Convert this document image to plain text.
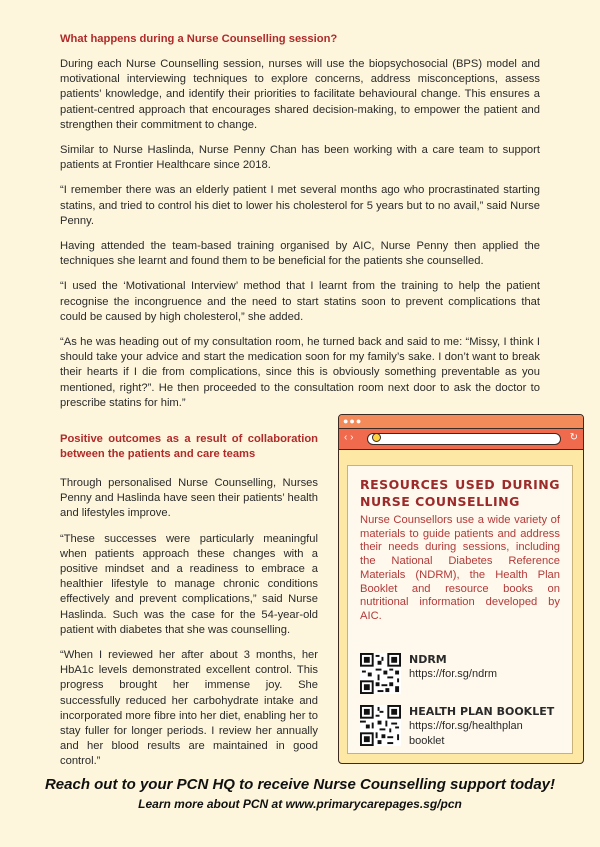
What happens during a Nurse Counselling session?

During each Nurse Counselling session, nurses will use the biopsychosocial (BPS) model and motivational interviewing techniques to explore concerns, address misconceptions, assess patients’ knowledge, and identify their priorities to facilitate behavioural change. This ensures a patient-centred approach that encourages shared decision-making, to empower the patient and strengthen their commitment to change.

Similar to Nurse Haslinda, Nurse Penny Chan has been working with a care team to support patients at Frontier Healthcare since 2018.

“I remember there was an elderly patient I met several months ago who procrastinated starting statins, and tried to control his diet to lower his cholesterol for 5 years but to no avail,” said Nurse Penny.

Having attended the team-based training organised by AIC, Nurse Penny then applied the techniques she learnt and found them to be beneficial for the patients she counselled.

“I used the ‘Motivational Interview’ method that I learnt from the training to help the patient recognise the incongruence and the need to start statins soon to prevent complications that could be caused by high cholesterol,” she added.

“As he was heading out of my consultation room, he turned back and said to me: “Missy, I think I should take your advice and start the medication soon for my family’s sake. I don’t want to break their hearts if I die from complications, since this is obviously something preventable as you mentioned, right?”. He then proceeded to the consultation room next door to ask the doctor to prescribe statins for him.”

Positive outcomes as a result of collaboration between the patients and care teams

Through personalised Nurse Counselling, Nurses Penny and Haslinda have seen their patients’ health and lifestyles improve.

“These successes were particularly meaningful when patients approach these changes with a positive mindset and a readiness to embrace a healthier lifestyle to manage chronic conditions effectively and prevent complications,” said Nurse Haslinda. Such was the case for the 54-year-old patient with diabetes that she was counselling.

“When I reviewed her after about 3 months, her HbA1c levels demonstrated excellent control. This progress brought her immense joy. She successfully reduced her carbohydrate intake and incorporated more fibre into her diet, enabling her to stay fuller for longer periods. I review her annually and her blood results are maintained in good control.”

●●●
‹ ›	↻
RESOURCES USED DURING
NURSE COUNSELLING
Nurse Counsellors use a wide variety of materials to guide patients and address their needs during sessions, including the National Diabetes Reference Materials (NDRM), the Health Plan Booklet and resource books on nutritional information developed by AIC.
NDRM
https://for.sg/ndrm
HEALTH PLAN BOOKLET
https://for.sg/healthplan booklet
Reach out to your PCN HQ to receive Nurse Counselling support today!
Learn more about PCN at www.primarycarepages.sg/pcn
